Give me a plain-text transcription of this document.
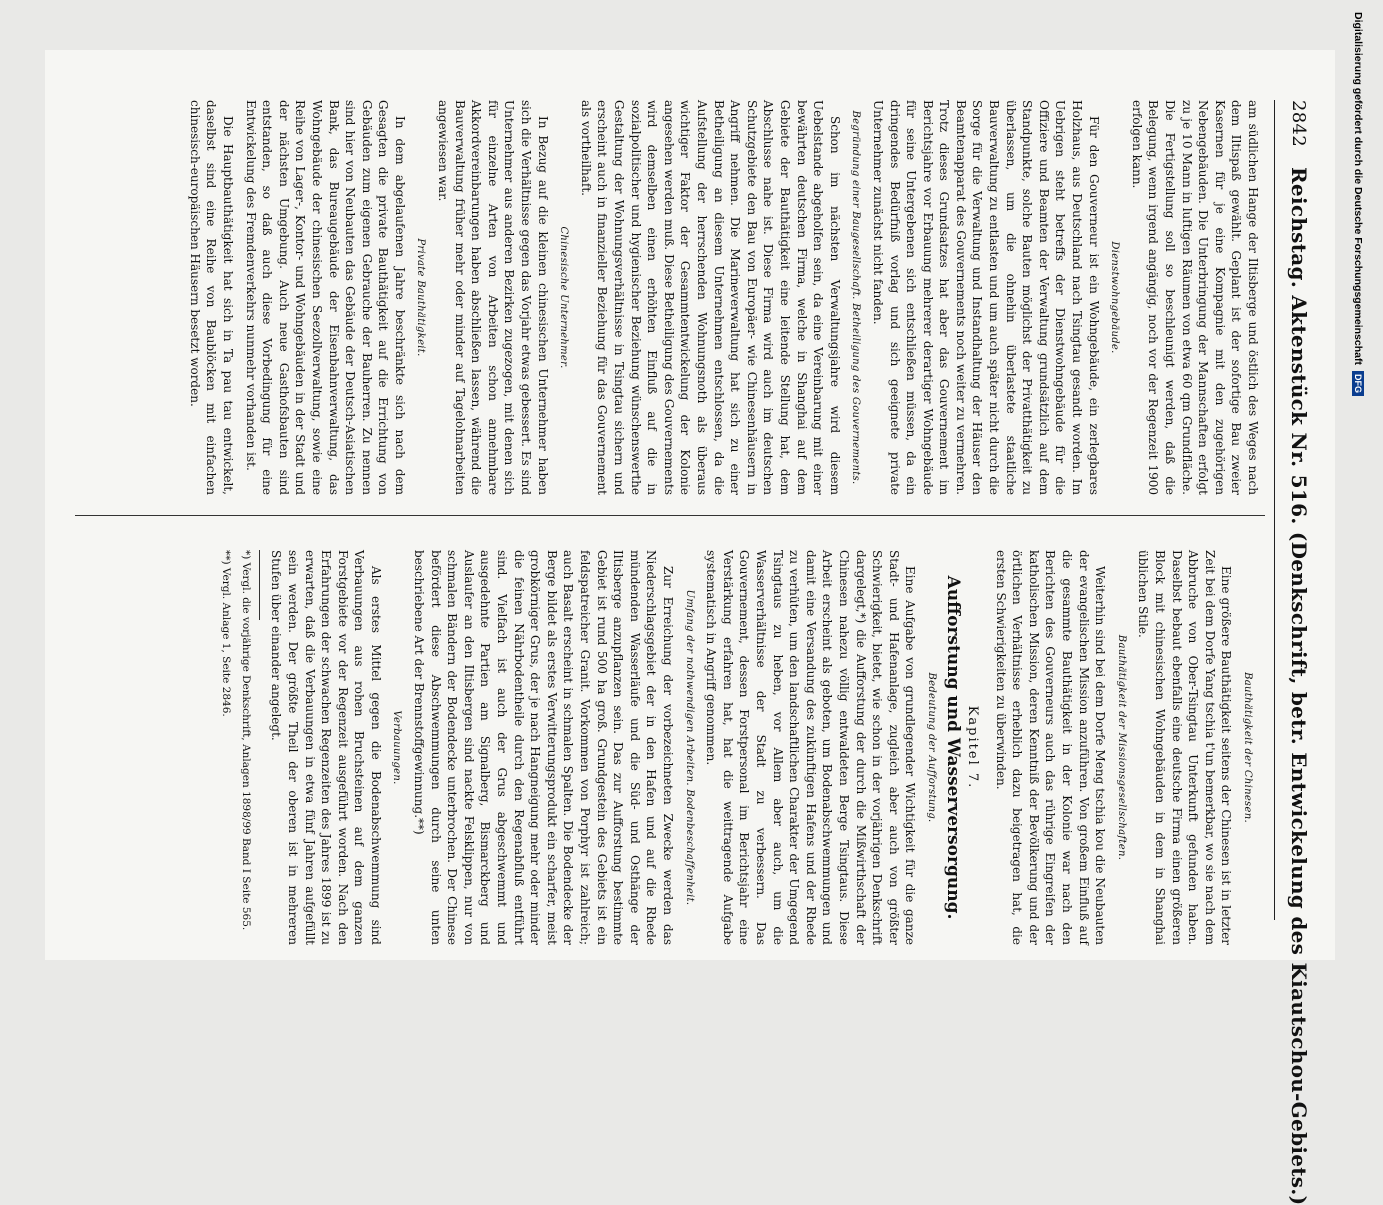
2842
Reichstag. Aktenstück Nr. 516. (Denkschrift, betr. Entwickelung des Kiautschou-Gebiets.)

am südlichen Hange der Iltisberge und östlich des Weges nach dem Iltispaß gewählt. Geplant ist der sofortige Bau zweier Kasernen für je eine Kompagnie mit den zugehörigen Nebengebäuden. Die Unterbringung der Mannschaften erfolgt zu je 10 Mann in luftigen Räumen von etwa 60 qm Grundfläche. Die Fertigstellung soll so beschleunigt werden, daß die Belegung, wenn irgend angängig, noch vor der Regenzeit 1900 erfolgen kann.

Dienstwohngebäude.

Für den Gouverneur ist ein Wohngebäude, ein zerlegbares Holzhaus, aus Deutschland nach Tsingtau gesandt worden. Im Uebrigen steht betreffs der Dienstwohngebäude für die Offiziere und Beamten der Verwaltung grundsätzlich auf dem Standpunkte, solche Bauten möglichst der Privatthätigkeit zu überlassen, um die ohnehin überlastete staatliche Bauverwaltung zu entlasten und um auch später nicht durch die Sorge für die Verwaltung und Instandhaltung der Häuser den Beamtenapparat des Gouvernements noch weiter zu vermehren. Trotz dieses Grundsatzes hat aber das Gouvernement im Berichtsjahre vor Erbauung mehrerer derartiger Wohngebäude für seine Untergebenen sich entschließen müssen, da ein dringendes Bedürfniß vorlag und sich geeignete private Unternehmer zunächst nicht fanden.

Begründung einer Baugesellschaft. Betheiligung des Gouvernements.

Schon im nächsten Verwaltungsjahre wird diesem Uebelstande abgeholfen sein, da eine Vereinbarung mit einer bewährten deutschen Firma, welche in Shanghai auf dem Gebiete der Bauthätigkeit eine leitende Stellung hat, dem Abschlusse nahe ist. Diese Firma wird auch im deutschen Schutzgebiete den Bau von Europäer- wie Chinesenhäusern in Angriff nehmen. Die Marineverwaltung hat sich zu einer Betheiligung an diesem Unternehmen entschlossen, da die Aufstellung der herrschenden Wohnungsnoth als überaus wichtiger Faktor der Gesammtentwickelung der Kolonie angesehen werden muß. Diese Betheiligung des Gouvernements wird demselben einen erhöhten Einfluß auf die in sozialpolitischer und hygienischer Beziehung wünschenswerthe Gestaltung der Wohnungsverhältnisse in Tsingtau sichern und erscheint auch in finanzieller Beziehung für das Gouvernement als vortheilhaft.

Chinesische Unternehmer.

In Bezug auf die kleinen chinesischen Unternehmer haben sich die Verhältnisse gegen das Vorjahr etwas gebessert. Es sind Unternehmer aus anderen Bezirken zugezogen, mit denen sich für einzelne Arten von Arbeiten schon annehmbare Akkordvereinbarungen haben abschließen lassen, während die Bauverwaltung früher mehr oder minder auf Tagelohnarbeiten angewiesen war.

Private Bauthätigkeit.

In dem abgelaufenen Jahre beschränkte sich nach dem Gesagten die private Bauthätigkeit auf die Errichtung von Gebäuden zum eigenen Gebrauche der Bauherren. Zu nennen sind hier von Neubauten das Gebäude der Deutsch-Asiatischen Bank, das Bureaugebäude der Eisenbahnverwaltung, das Wohngebäude der chinesischen Seezollverwaltung, sowie eine Reihe von Lager-, Kontor- und Wohngebäuden in der Stadt und der nächsten Umgebung. Auch neue Gasthofsbauten sind entstanden, so daß auch diese Vorbedingung für eine Entwickelung des Fremdenverkehrs nunmehr vorhanden ist.

Die Hauptbauthätigkeit hat sich in Ta pau tau entwickelt, daselbst sind eine Reihe von Baublöcken mit einfachen chinesisch-europäischen Häusern besetzt worden.

Bauthätigkeit der Chinesen.

Eine größere Bauthätigkeit seitens der Chinesen ist in letzter Zeit bei dem Dorfe Yang tschia t'un bemerkbar, wo sie nach dem Abbruche von Ober-Tsingtau Unterkunft gefunden haben. Daselbst bebaut ebenfalls eine deutsche Firma einen größeren Block mit chinesischen Wohngebäuden in dem in Shanghai üblichen Stile.

Bauthätigkeit der Missionsgesellschaften.

Weiterhin sind bei dem Dorfe Meng tschia kou die Neubauten der evangelischen Mission anzuführen. Von großem Einfluß auf die gesammte Bauthätigkeit in der Kolonie war nach den Berichten des Gouverneurs auch das rührige Eingreifen der katholischen Mission, deren Kenntniß der Bevölkerung und der örtlichen Verhältnisse erheblich dazu beigetragen hat, die ersten Schwierigkeiten zu überwinden.

Kapitel 7.
Aufforstung und Wasserversorgung.
Bedeutung der Aufforstung.

Eine Aufgabe von grundlegender Wichtigkeit für die ganze Stadt- und Hafenanlage, zugleich aber auch von größter Schwierigkeit, bietet, wie schon in der vorjährigen Denkschrift dargelegt,*) die Aufforstung der durch die Mißwirthschaft der Chinesen nahezu völlig entwaldeten Berge Tsingtaus. Diese Arbeit erscheint als geboten, um Bodenabschwemmungen und damit eine Versandung des zukünftigen Hafens und der Rhede zu verhüten, um den landschaftlichen Charakter der Umgegend Tsingtaus zu heben, vor Allem aber auch, um die Wasserverhältnisse der Stadt zu verbessern. Das Gouvernement, dessen Forstpersonal im Berichtsjahr eine Verstärkung erfahren hat, hat die weittragende Aufgabe systematisch in Angriff genommen.

Umfang der nothwendigen Arbeiten. Bodenbeschaffenheit.

Zur Erreichung der vorbezeichneten Zwecke werden das Niederschlagsgebiet der in den Hafen und auf die Rhede mündenden Wasserläufe und die Süd- und Osthänge der Iltisberge anzupflanzen sein. Das zur Aufforstung bestimmte Gebiet ist rund 500 ha groß. Grundgestein des Gebiets ist ein feldspatreicher Granit. Vorkommen von Porphyr ist zahlreich; auch Basalt erscheint in schmalen Spalten. Die Bodendecke der Berge bildet als erstes Verwitterungsprodukt ein scharfer, meist grobkörniger Grus, der je nach Hangneigung mehr oder minder die feinen Nährbodentheile durch den Regenabfluß entführt sind. Vielfach ist auch der Grus abgeschwemmt und ausgedehnte Partien am Signalberg, Bismarckberg und Auslaufer an den Iltisbergen sind nackte Felsklippen, nur von schmalen Bändern der Bodendecke unterbrochen. Der Chinese befördert diese Abschwemmungen durch seine unten beschriebene Art der Brennstoffgewinnung.**)

Verbauungen.

Als erstes Mittel gegen die Bodenabschwemmung sind Verbauungen aus rohen Bruchsteinen auf dem ganzen Forstgebiete vor der Regenzeit ausgeführt worden. Nach den Erfahrungen der schwachen Regenzeiten des Jahres 1899 ist zu erwarten, daß die Verbauungen in etwa fünf Jahren aufgefüllt sein werden. Der größte Theil der oberen ist in mehreren Stufen über einander angelegt.

*) Vergl. die vorjährige Denkschrift, Anlagen 1898/99 Band I Seite 565.

**) Vergl. Anlage 1, Seite 2846.

Digitalisierung gefördert durch die Deutsche Forschungsgemeinschaft
DFG
